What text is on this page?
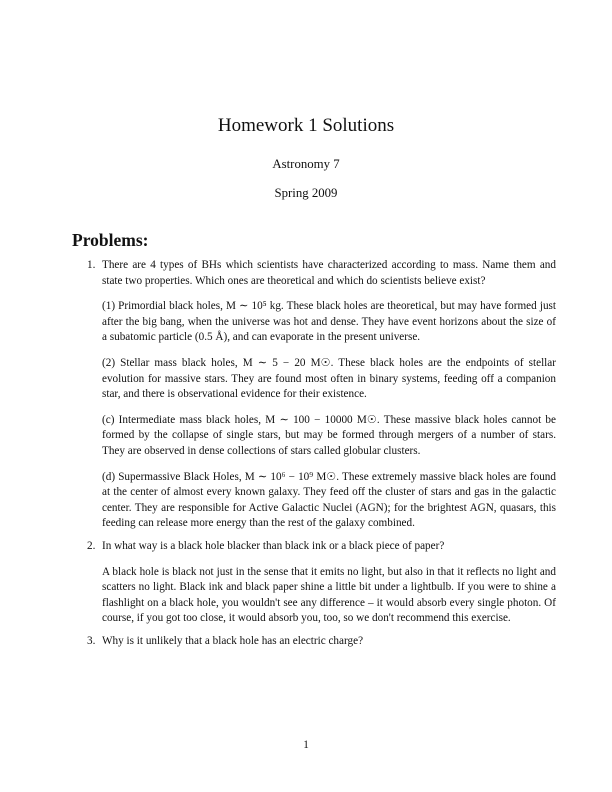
Homework 1 Solutions
Astronomy 7
Spring 2009
Problems:
1. There are 4 types of BHs which scientists have characterized according to mass. Name them and state two properties. Which ones are theoretical and which do scientists believe exist?

(1) Primordial black holes, M ∼ 10⁵ kg. These black holes are theoretical, but may have formed just after the big bang, when the universe was hot and dense. They have event horizons about the size of a subatomic particle (0.5 Å), and can evaporate in the present universe.

(2) Stellar mass black holes, M ∼ 5 − 20 M☉. These black holes are the endpoints of stellar evolution for massive stars. They are found most often in binary systems, feeding off a companion star, and there is observational evidence for their existence.

(c) Intermediate mass black holes, M ∼ 100 − 10000 M☉. These massive black holes cannot be formed by the collapse of single stars, but may be formed through mergers of a number of stars. They are observed in dense collections of stars called globular clusters.

(d) Supermassive Black Holes, M ∼ 10⁶ − 10⁹ M☉. These extremely massive black holes are found at the center of almost every known galaxy. They feed off the cluster of stars and gas in the galactic center. They are responsible for Active Galactic Nuclei (AGN); for the brightest AGN, quasars, this feeding can release more energy than the rest of the galaxy combined.

2. In what way is a black hole blacker than black ink or a black piece of paper?

A black hole is black not just in the sense that it emits no light, but also in that it reflects no light and scatters no light. Black ink and black paper shine a little bit under a lightbulb. If you were to shine a flashlight on a black hole, you wouldn't see any difference – it would absorb every single photon. Of course, if you got too close, it would absorb you, too, so we don't recommend this exercise.

3. Why is it unlikely that a black hole has an electric charge?

1
